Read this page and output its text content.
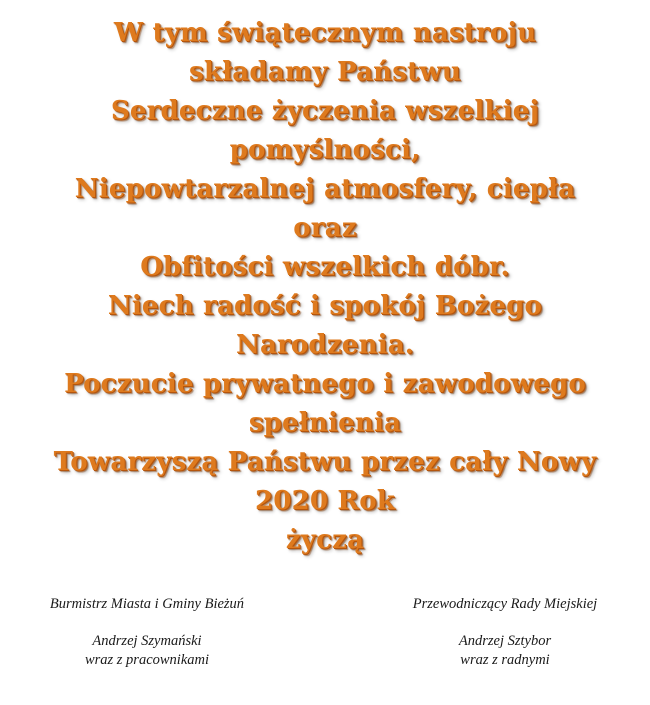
W tym świątecznym nastroju
składamy Państwu
Serdeczne życzenia wszelkiej
pomyślności,
Niepowtarzalnej atmosfery, ciepła
oraz
Obfitości wszelkich dóbr.
Niech radość i spokój Bożego
Narodzenia.
Poczucie prywatnego i zawodowego
spełnienia
Towarzyszą Państwu przez cały Nowy
2020 Rok
życzą
Burmistrz Miasta i Gminy Bieżuń
Andrzej Szymański
wraz z pracownikami
Przewodniczący Rady Miejskiej
Andrzej Sztybor
wraz z radnymi
